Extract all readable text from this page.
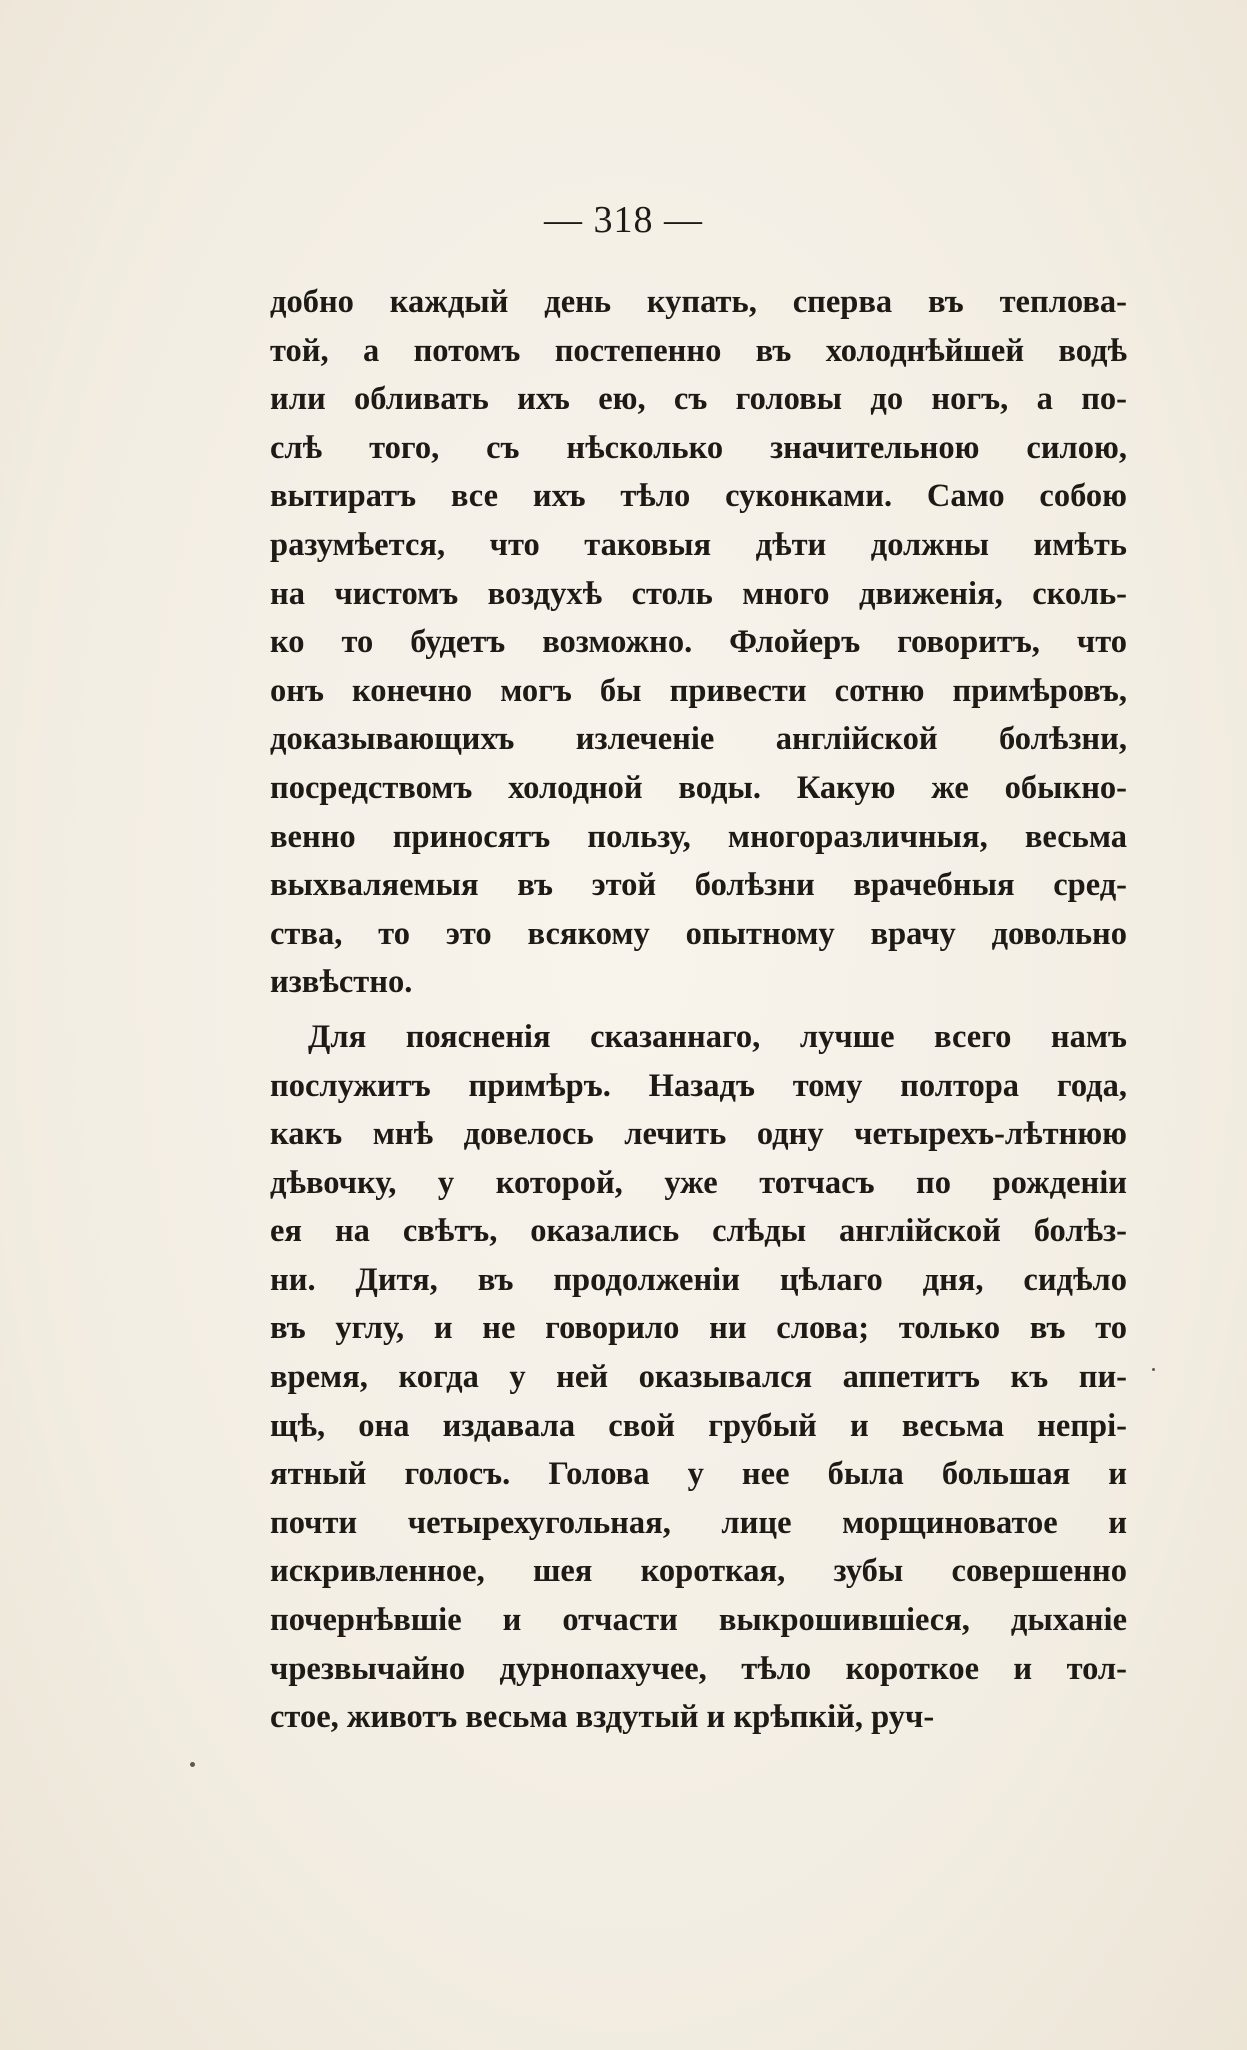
— 318 —
добно каждый день купать, сперва въ теплова-
той, а потомъ постепенно въ холоднѣйшей водѣ
или обливать ихъ ею, съ головы до ногъ, а по-
слѣ того, съ нѣсколько значительною силою,
вытиратъ все ихъ тѣло суконками. Само собою
разумѣется, что таковыя дѣти должны имѣть
на чистомъ воздухѣ столь много движенія, сколь-
ко то будетъ возможно. Флойеръ говоритъ, что
онъ конечно могъ бы привести сотню примѣровъ,
доказывающихъ излеченіе англійской болѣзни,
посредствомъ холодной воды. Какую же обыкно-
венно приносятъ пользу, многоразличныя, весьма
выхваляемыя въ этой болѣзни врачебныя сред-
ства, то это всякому опытному врачу довольно
извѣстно.
Для поясненія сказаннаго, лучше всего намъ
послужитъ примѣръ. Назадъ тому полтора года,
какъ мнѣ довелось лечить одну четырехъ-лѣтнюю
дѣвочку, у которой, уже тотчасъ по рожденіи
ея на свѣтъ, оказались слѣды англійской болѣз-
ни. Дитя, въ продолженіи цѣлаго дня, сидѣло
въ углу, и не говорило ни слова; только въ то
время, когда у ней оказывался аппетитъ къ пи-
щѣ, она издавала свой грубый и весьма непрі-
ятный голосъ. Голова у нее была большая и
почти четырехугольная, лице морщиноватое и
искривленное, шея короткая, зубы совершенно
почернѣвшіе и отчасти выкрошившіеся, дыханіе
чрезвычайно дурнопахучее, тѣло короткое и тол-
стое, животъ весьма вздутый и крѣпкій, руч-
